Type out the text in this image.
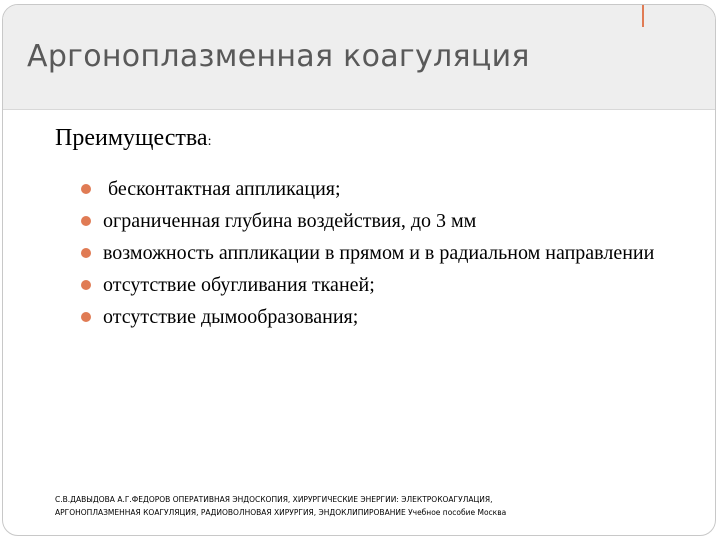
Аргоноплазменная коагуляция
Преимущества:
бесконтактная аппликация;
ограниченная глубина воздействия, до 3 мм
возможность аппликации в прямом и в радиальном направлении
отсутствие обугливания тканей;
отсутствие дымообразования;
С.В.ДАВЫДОВА А.Г.ФЕДОРОВ ОПЕРАТИВНАЯ ЭНДОСКОПИЯ, ХИРУРГИЧЕСКИЕ ЭНЕРГИИ: ЭЛЕКТРОКОАГУЛАЦИЯ,
АРГОНОПЛАЗМЕННАЯ КОАГУЛЯЦИЯ, РАДИОВОЛНОВАЯ ХИРУРГИЯ, ЭНДОКЛИПИРОВАНИЕ Учебное пособие Москва
